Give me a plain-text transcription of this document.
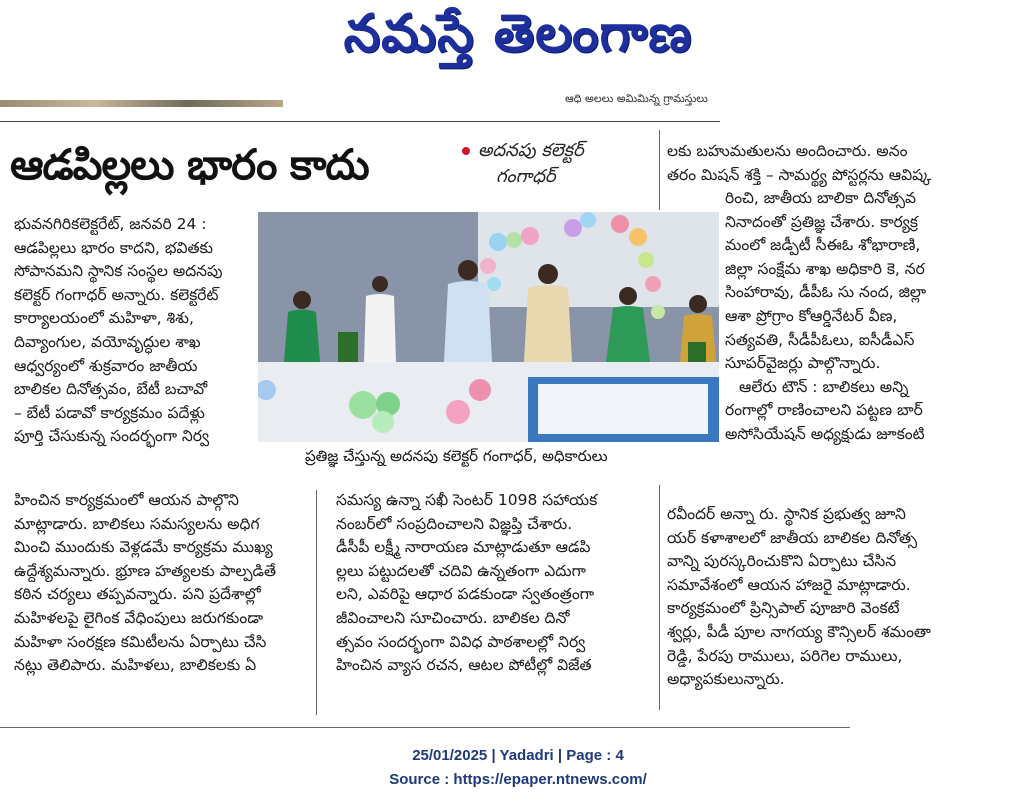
నమస్తే తెలంగాణ
ఆధి అలలు అమిమిన్న గ్రామస్తులు
ఆడపిల్లలు భారం కాదు	అదనపు కలెక్టర్
గంగాధర్

భువనగిరికలెక్టరేట్, జనవరి 24 :

ఆడపిల్లలు భారం కాదని, భవితకు

సోపానమని స్థానిక సంస్థల అదనపు

కలెక్టర్ గంగాధర్ అన్నారు. కలెక్టరేట్

కార్యాలయంలో మహిళా, శిశు,

దివ్యాంగుల, వయోవృద్ధుల శాఖ

ఆధ్వర్యంలో శుక్రవారం జాతీయ

బాలికల దినోత్సవం, బేటీ బచావో

– బేటీ పడావో కార్యక్రమం పదేళ్లు

పూర్తి చేసుకున్న సందర్భంగా నిర్వ

హించిన కార్యక్రమంలో ఆయన పాల్గొని

మాట్లాడారు. బాలికలు సమస్యలను అధిగ

మించి ముందుకు వెళ్లడమే కార్యక్రమ ముఖ్య

ఉద్దేశ్యమన్నారు. భ్రూణ హత్యలకు పాల్పడితే

కఠిన చర్యలు తప్పవన్నారు. పని ప్రదేశాల్లో

మహిళలపై లైగింక వేధింపులు జరుగకుండా

మహిళా సంరక్షణ కమిటీలను ఏర్పాటు చేసి

నట్లు తెలిపారు. మహిళలు, బాలికలకు ఏ

ప్రతిజ్ఞ చేస్తున్న అదనపు కలెక్టర్ గంగాధర్, అధికారులు

సమస్య ఉన్నా సఖీ సెంటర్ 1098 సహాయక

నంబర్‌లో సంప్రదించాలని విజ్ఞప్తి చేశారు.

డీసీపీ లక్ష్మీ నారాయణ మాట్లాడుతూ ఆడపి

ల్లలు పట్టుదలతో చదివి ఉన్నతంగా ఎదుగా

లని, ఎవరిపై ఆధార పడకుండా స్వతంత్రంగా

జీవించాలని సూచించారు. బాలికల దినో

త్సవం సందర్భంగా వివిధ పాఠశాలల్లో నిర్వ

హించిన వ్యాస రచన, ఆటల పోటీల్లో విజేత

లకు బహుమతులను అందించారు. అనం

తరం మిషన్ శక్తి – సామర్థ్య పోస్టర్లను ఆవిష్క

రించి, జాతీయ బాలికా దినోత్సవ

నినాదంతో ప్రతిజ్ఞ చేశారు. కార్యక్ర

మంలో జడ్పీటీ సీఈఓ శోభారాణి,

జిల్లా సంక్షేమ శాఖ అధికారి కె, నర

సింహారావు, డీపీఓ సు నంద, జిల్లా

ఆశా ప్రోగ్రాం కోఆర్డినేటర్ వీణ,

సత్యవతి, సీడీపీఓలు, ఐసీడీఎస్

సూపర్‌వైజర్లు పాల్గొన్నారు.

ఆలేరు టౌన్ : బాలికలు అన్ని

రంగాల్లో రాణించాలని పట్టణ బార్

అసోసియేషన్ అధ్యక్షుడు జూకంటి

రవీందర్ అన్నా రు. స్థానిక ప్రభుత్వ జూని

యర్ కళాశాలలో జాతీయ బాలికల దినోత్స

వాన్ని పురస్కరించుకొని ఏర్పాటు చేసిన

సమావేశంలో ఆయన హాజరై మాట్లాడారు.

కార్యక్రమంలో ప్రిన్సిపాల్ పూజారి వెంకటే

శ్వర్లు, పీడీ పూల నాగయ్య కౌన్సిలర్ శమంతా

రెడ్డి, పేరపు రాములు, పరిగెల రాములు,

అధ్యాపకులున్నారు.

25/01/2025 | Yadadri | Page : 4
Source : https://epaper.ntnews.com/
